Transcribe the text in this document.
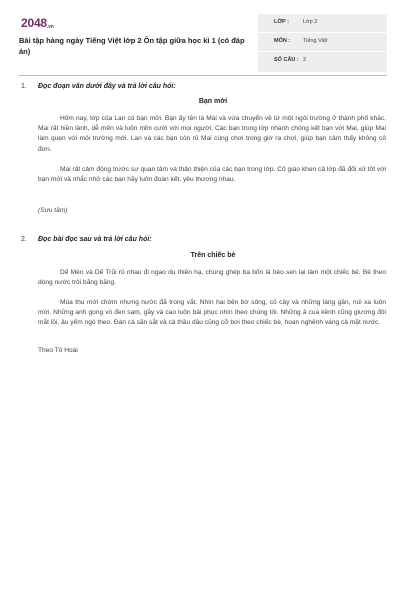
2048.vn
Bài tập hàng ngày Tiếng Việt lớp 2 Ôn tập giữa học kì 1 (có đáp án)
LỚP :	Lớp 2
MÔN : Tiếng Việt
SỐ CÂU : 2
1. Đọc đoạn văn dưới đây và trả lời câu hỏi:
Bạn mới

Hôm nay, lớp của Lan có bạn mới. Bạn ấy tên là Mai và vừa chuyển về từ một ngôi trường ở thành phố khác. Mai rất hiền lành, dễ mến và luôn mỉm cười với mọi người. Các bạn trong lớp nhanh chóng kết bạn với Mai, giúp Mai làm quen với môi trường mới. Lan và các bạn còn rủ Mai cùng chơi trong giờ ra chơi, giúp bạn cảm thấy không cô đơn.

Mai rất cảm động trước sự quan tâm và thân thiện của các bạn trong lớp. Cô giáo khen cả lớp đã đối xử tốt với bạn mới và nhắc nhở các bạn hãy luôn đoàn kết, yêu thương nhau.

(Sưu tầm)
2. Đọc bài đọc sau và trả lời câu hỏi:
Trên chiếc bè

Dế Mèn và Dế Trũi rủ nhau đi ngao du thiên hạ, chúng ghép ba bốn lá bèo sen lại làm một chiếc bè. Bè theo dòng nước trôi băng băng.

Mùa thu mới chớm nhưng nước đã trong vắt. Nhìn hai bên bờ sông, cỏ cây và những làng gần, núi xa luôn mới. Những anh gọng vó đen sạm, gầy và cao luôn bái phục nhìn theo chúng tôi. Những ả cua kềnh cũng giương đôi mắt lồi, âu yếm ngó theo. Đàn cá săn sắt và cá thầu dầu cũng cỡ bơi theo chiếc bè, hoan nghênh váng cả mặt nước.

Theo Tô Hoài
